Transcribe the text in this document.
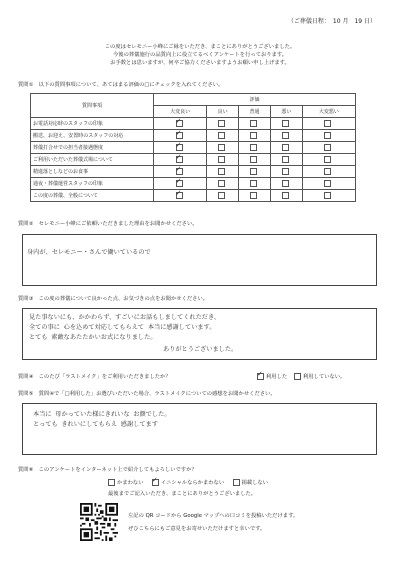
（ご葬儀日程：　10 月　19 日）
この度はセレモニー小峰にご縁をいただき、まことにありがとうございました。
今後の葬儀施行の品質向上に役立てるべくアンケートを行っております。
お手数とは思いますが、何卒ご協力くださいますようお願い申し上げます。
質問①　以下の質問事項について、あてはまる評価の□にチェックを入れてください。
質問事項	評価				
	大変良い	良い	普通	悪い	大変悪い
お電話対応時のスタッフの印象	✓				
搬送、お迎え、安置時のスタッフの対応	✓				
葬儀打合せでの担当者接遇態度	✓				
ご利用いただいた葬儀式場について	✓				
精進落としなどのお食事	✓				
通夜・葬儀運営スタッフの印象	✓				
この度の葬儀、全般について	✓				
質問②　セレモニー小峰にご依頼いただきました理由をお聞かせください。
身内が、セレモニー・さんで働いているので
質問③　この度の葬儀について良かった点、お気づきの点をお聞かせください。
見た事ないにも、かかわらず、すごいにお話もしましてくれただき、
全ての事に 心を込めて対応してもらえて 本当に感謝しています。
とても 素敵なあたたかいお式になりました。
ありがとうございました。
質問④　このたび「ラストメイク」をご利用いただきましたか？ ✓	利用した	利用していない。
質問⑤　質問④で「□利用した」お選びいただいた場合、ラストメイクについての感想をお聞かせください。
本当に 母かっていた様にきれいな お顔でした。
とっても きれいにしてもらえ 感謝してます
質問⑥　このアンケートをインターネット上で紹介してもよろしいですか？
かまわない ✓	イニシャルならかまわない	掲載しない
最後までご記入いただき、まことにありがとうございました。
左記の QR コードから Google マップへの口コミを投稿いただけます。
ぜひこちらにもご意見をお寄せいただけますと幸いです。
